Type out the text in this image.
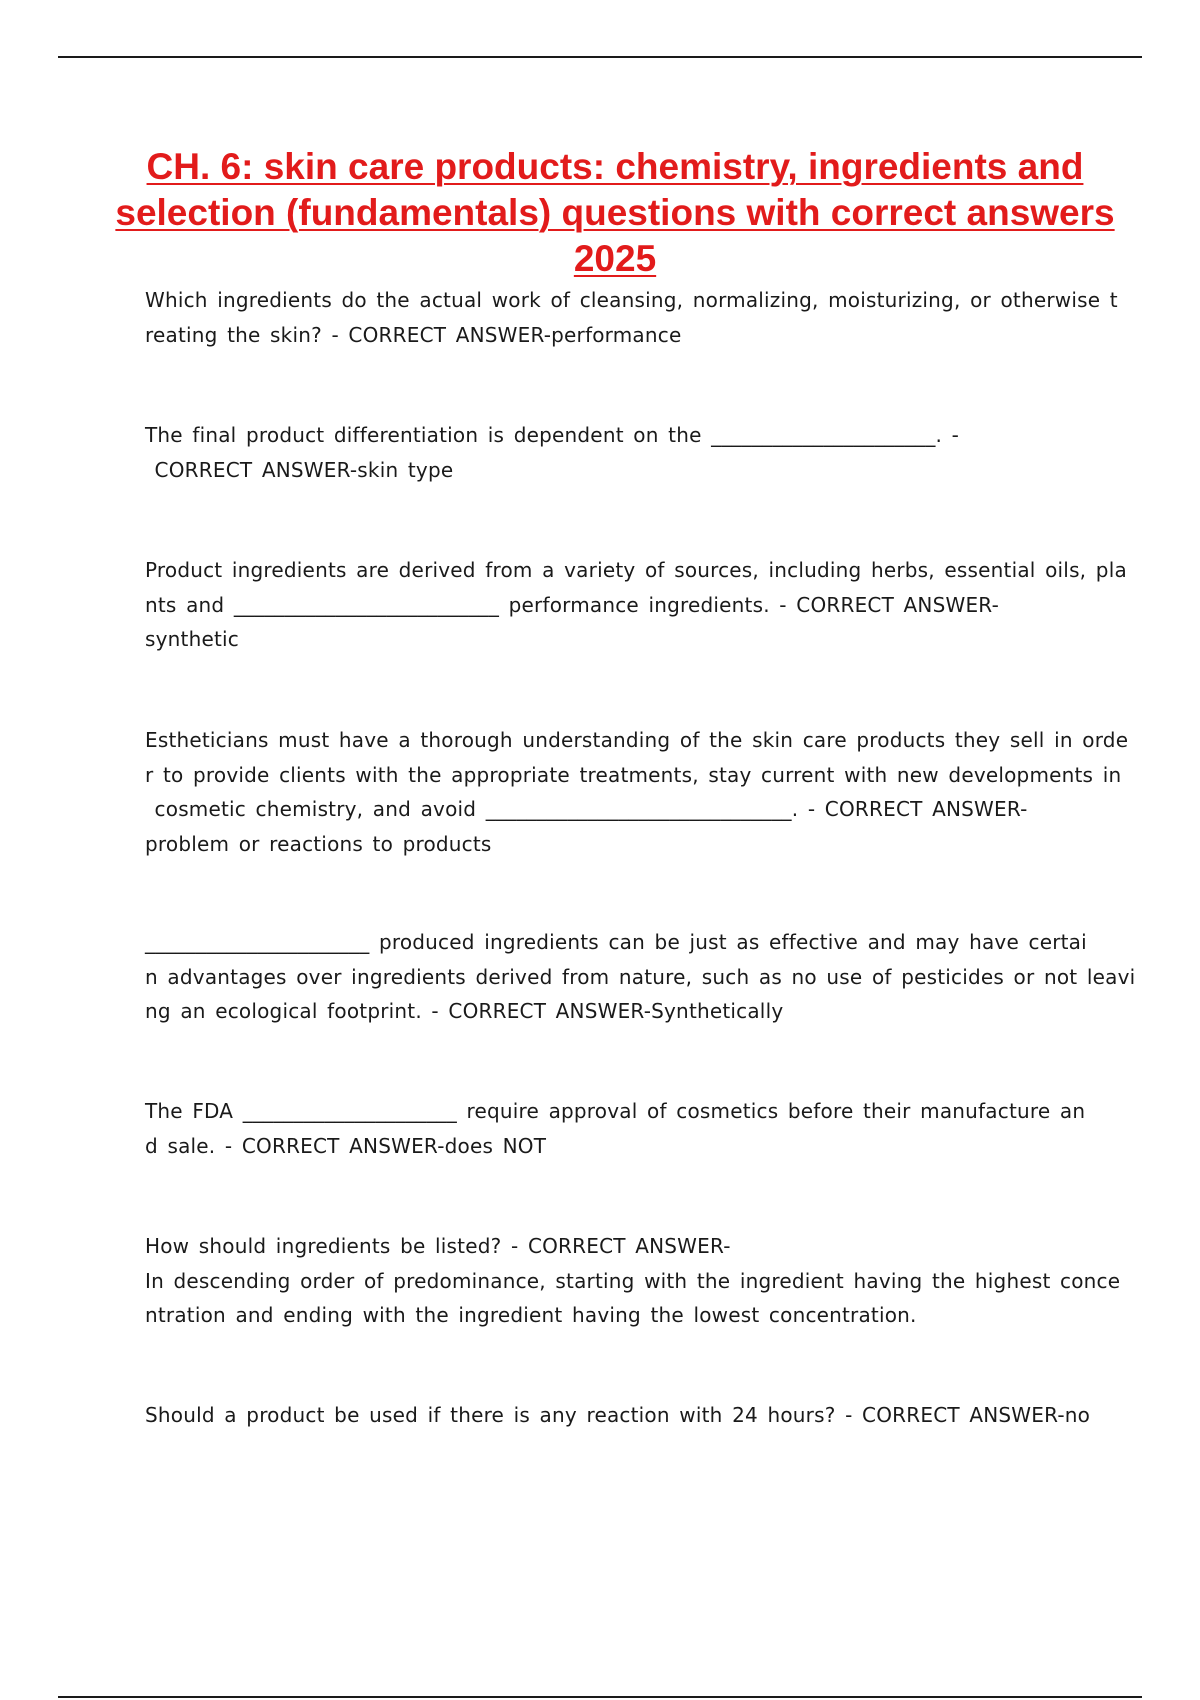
CH. 6: skin care products: chemistry, ingredients and selection (fundamentals) questions with correct answers 2025

Which ingredients do the actual work of cleansing, normalizing, moisturizing, or otherwise t

reating the skin? - CORRECT ANSWER-performance

The final product differentiation is dependent on the ______________________. -

CORRECT ANSWER-skin type

Product ingredients are derived from a variety of sources, including herbs, essential oils, pla

nts and __________________________ performance ingredients. - CORRECT ANSWER-

synthetic

Estheticians must have a thorough understanding of the skin care products they sell in orde

r to provide clients with the appropriate treatments, stay current with new developments in

cosmetic chemistry, and avoid ______________________________. - CORRECT ANSWER-

problem or reactions to products

______________________ produced ingredients can be just as effective and may have certai

n advantages over ingredients derived from nature, such as no use of pesticides or not leavi

ng an ecological footprint. - CORRECT ANSWER-Synthetically

The FDA _____________________ require approval of cosmetics before their manufacture an

d sale. - CORRECT ANSWER-does NOT

How should ingredients be listed? - CORRECT ANSWER-

In descending order of predominance, starting with the ingredient having the highest conce

ntration and ending with the ingredient having the lowest concentration.

Should a product be used if there is any reaction with 24 hours? - CORRECT ANSWER-no
